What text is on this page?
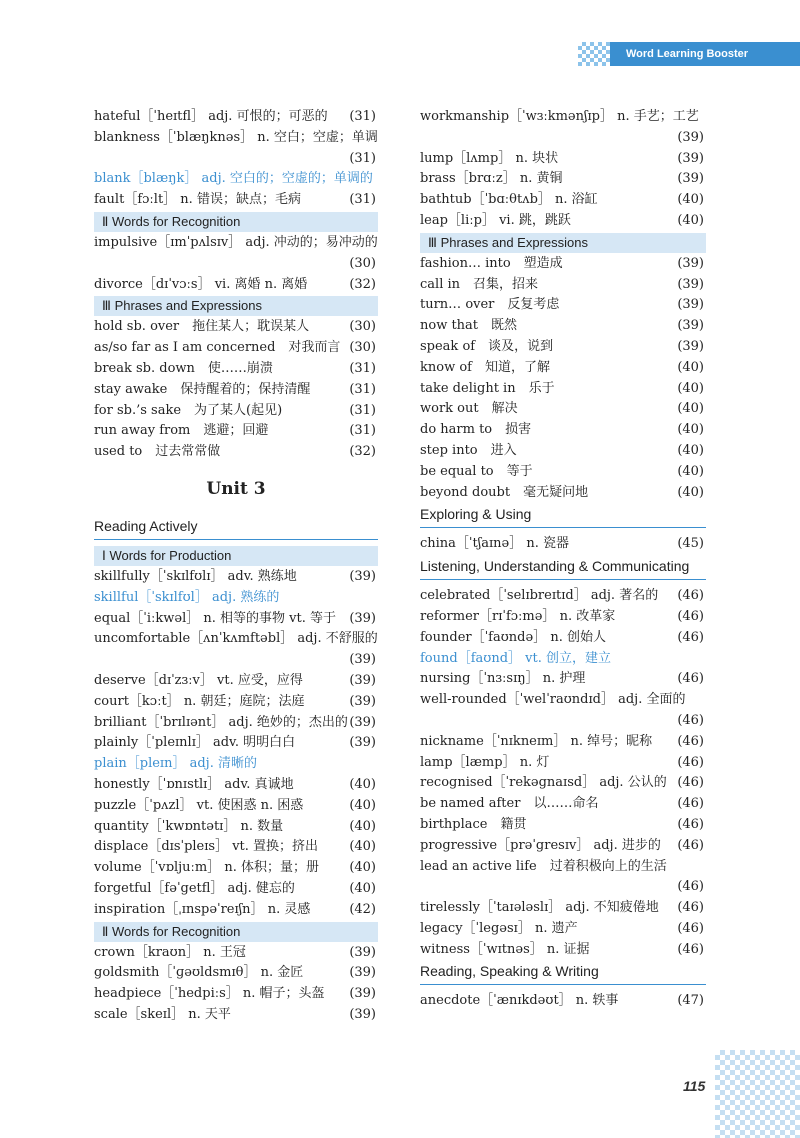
Word Learning Booster
hateful［ˈheɪtfl］ adj. 可恨的；可恶的 (31)
blankness［ˈblæŋknəs］ n. 空白；空虚；单调
(31)
blank［blæŋk］ adj. 空白的；空虚的；单调的
fault［fɔːlt］ n. 错误；缺点；毛病	(31)
Ⅱ Words for Recognition
impulsive［ɪmˈpʌlsɪv］ adj. 冲动的；易冲动的
(30)
divorce［dɪˈvɔːs］ vi. 离婚 n. 离婚	(32)
Ⅲ Phrases and Expressions
hold sb. over　拖住某人；耽误某人	(30)
as/so far as I am concerned　对我而言 (30)
break sb. down　使……崩溃	(31)
stay awake　保持醒着的；保持清醒	(31)
for sb.’s sake　为了某人(起见)	(31)
run away from　逃避；回避	(31)
used to　过去常常做	(32)
Unit 3
Reading Actively
Ⅰ Words for Production
skillfully［ˈskɪlfʊlɪ］ adv. 熟练地	(39)
skillful［ˈskɪlfʊl］ adj. 熟练的
equal［ˈiːkwəl］ n. 相等的事物 vt. 等于 (39)
uncomfortable［ʌnˈkʌmftəbl］ adj. 不舒服的
(39)
deserve［dɪˈzɜːv］ vt. 应受，应得	(39)
court［kɔːt］ n. 朝廷；庭院；法庭	(39)
brilliant［ˈbrɪlɪənt］ adj. 绝妙的；杰出的 (39)
plainly［ˈpleɪnlɪ］ adv. 明明白白	(39)
plain［pleɪn］ adj. 清晰的
honestly［ˈɒnɪstlɪ］ adv. 真诚地	(40)
puzzle［ˈpʌzl］ vt. 使困惑 n. 困惑	(40)
quantity［ˈkwɒntətɪ］ n. 数量	(40)
displace［dɪsˈpleɪs］ vt. 置换；挤出 (40)
volume［ˈvɒljuːm］ n. 体积；量；册 (40)
forgetful［fəˈgetfl］ adj. 健忘的	(40)
inspiration［ˌɪnspəˈreɪʃn］ n. 灵感	(42)
Ⅱ Words for Recognition
crown［kraʊn］ n. 王冠	(39)
goldsmith［ˈɡəʊldsmɪθ］ n. 金匠	(39)
headpiece［ˈhedpiːs］ n. 帽子；头盔 (39)
scale［skeɪl］ n. 天平	(39)
workmanship［ˈwɜːkmənʃɪp］ n. 手艺；工艺
(39)
lump［lʌmp］ n. 块状	(39)
brass［brɑːz］ n. 黄铜	(39)
bathtub［ˈbɑːθtʌb］ n. 浴缸	(40)
leap［liːp］ vi. 跳，跳跃	(40)
Ⅲ Phrases and Expressions
fashion… into　塑造成	(39)
call in　召集，招来	(39)
turn… over　反复考虑	(39)
now that　既然	(39)
speak of　谈及，说到	(39)
know of　知道，了解	(40)
take delight in　乐于	(40)
work out　解决	(40)
do harm to　损害	(40)
step into　进入	(40)
be equal to　等于	(40)
beyond doubt　毫无疑问地	(40)
Exploring & Using
china［ˈtʃaɪnə］ n. 瓷器	(45)
Listening, Understanding & Communicating
celebrated［ˈselɪbreɪtɪd］ adj. 著名的 (46)
reformer［rɪˈfɔːmə］ n. 改革家	(46)
founder［ˈfaʊndə］ n. 创始人	(46)
found［faʊnd］ vt. 创立，建立
nursing［ˈnɜːsɪŋ］ n. 护理	(46)
well-rounded［ˈwelˈraʊndɪd］ adj. 全面的
(46)
nickname［ˈnɪkneɪm］ n. 绰号；昵称 (46)
lamp［læmp］ n. 灯	(46)
recognised［ˈrekəgnaɪsd］ adj. 公认的 (46)
be named after　以……命名	(46)
birthplace　籍贯	(46)
progressive［prəˈgresɪv］ adj. 进步的 (46)
lead an active life　过着积极向上的生活
(46)
tirelessly［ˈtaɪələslɪ］ adj. 不知疲倦地 (46)
legacy［ˈlegəsɪ］ n. 遗产	(46)
witness［ˈwɪtnəs］ n. 证据	(46)
Reading, Speaking & Writing
anecdote［ˈænɪkdəʊt］ n. 轶事	(47)
115
